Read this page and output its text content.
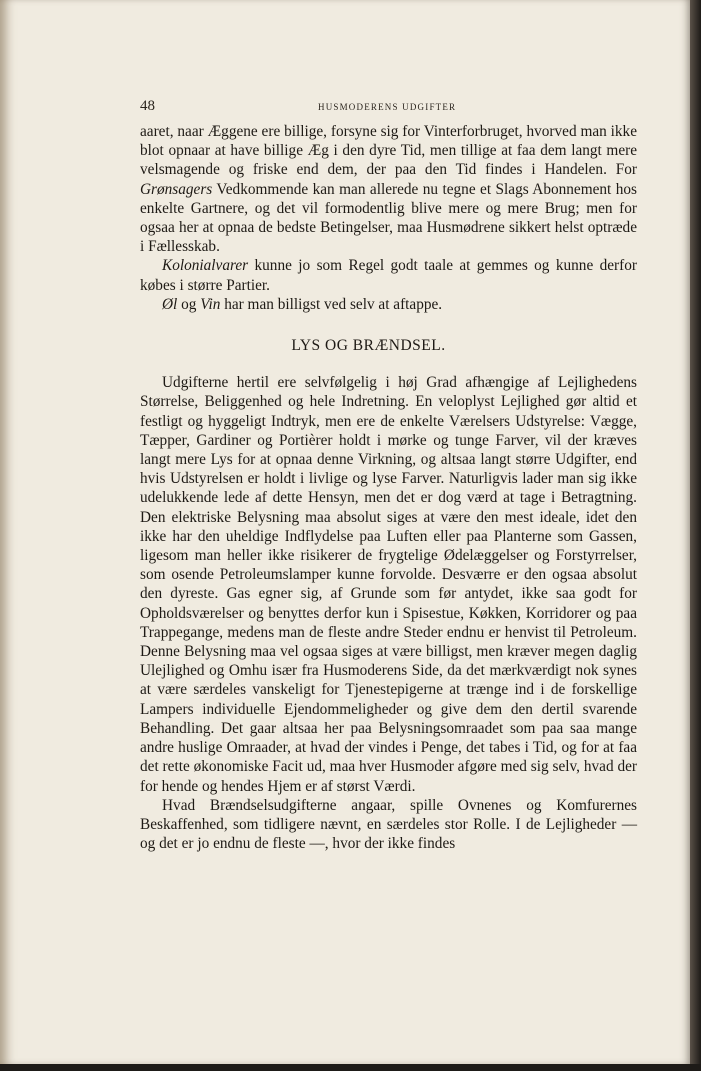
48	HUSMODERENS UDGIFTER

aaret, naar Æggene ere billige, forsyne sig for Vinterforbruget, hvorved man ikke blot opnaar at have billige Æg i den dyre Tid, men tillige at faa dem langt mere velsmagende og friske end dem, der paa den Tid findes i Handelen. For Grønsagers Vedkommende kan man allerede nu tegne et Slags Abonnement hos enkelte Gartnere, og det vil formodentlig blive mere og mere Brug; men for ogsaa her at opnaa de bedste Betingelser, maa Husmødrene sikkert helst optræde i Fællesskab.

Kolonialvarer kunne jo som Regel godt taale at gemmes og kunne derfor købes i større Partier.

Øl og Vin har man billigst ved selv at aftappe.

LYS OG BRÆNDSEL.

Udgifterne hertil ere selvfølgelig i høj Grad afhængige af Lejlighedens Størrelse, Beliggenhed og hele Indretning. En veloplyst Lejlighed gør altid et festligt og hyggeligt Indtryk, men ere de enkelte Værelsers Udstyrelse: Vægge, Tæpper, Gardiner og Portièrer holdt i mørke og tunge Farver, vil der kræves langt mere Lys for at opnaa denne Virkning, og altsaa langt større Udgifter, end hvis Udstyrelsen er holdt i livlige og lyse Farver. Naturligvis lader man sig ikke udelukkende lede af dette Hensyn, men det er dog værd at tage i Betragtning. Den elektriske Belysning maa absolut siges at være den mest ideale, idet den ikke har den uheldige Indflydelse paa Luften eller paa Planterne som Gassen, ligesom man heller ikke risikerer de frygtelige Ødelæggelser og Forstyrrelser, som osende Petroleumslamper kunne forvolde. Desværre er den ogsaa absolut den dyreste. Gas egner sig, af Grunde som før antydet, ikke saa godt for Opholdsværelser og benyttes derfor kun i Spisestue, Køkken, Korridorer og paa Trappegange, medens man de fleste andre Steder endnu er henvist til Petroleum. Denne Belysning maa vel ogsaa siges at være billigst, men kræver megen daglig Ulejlighed og Omhu især fra Husmoderens Side, da det mærkværdigt nok synes at være særdeles vanskeligt for Tjenestepigerne at trænge ind i de forskellige Lampers individuelle Ejendommeligheder og give dem den dertil svarende Behandling. Det gaar altsaa her paa Belysningsomraadet som paa saa mange andre huslige Omraader, at hvad der vindes i Penge, det tabes i Tid, og for at faa det rette økonomiske Facit ud, maa hver Husmoder afgøre med sig selv, hvad der for hende og hendes Hjem er af størst Værdi.

Hvad Brændselsudgifterne angaar, spille Ovnenes og Komfurernes Beskaffenhed, som tidligere nævnt, en særdeles stor Rolle. I de Lejligheder — og det er jo endnu de fleste —, hvor der ikke findes
